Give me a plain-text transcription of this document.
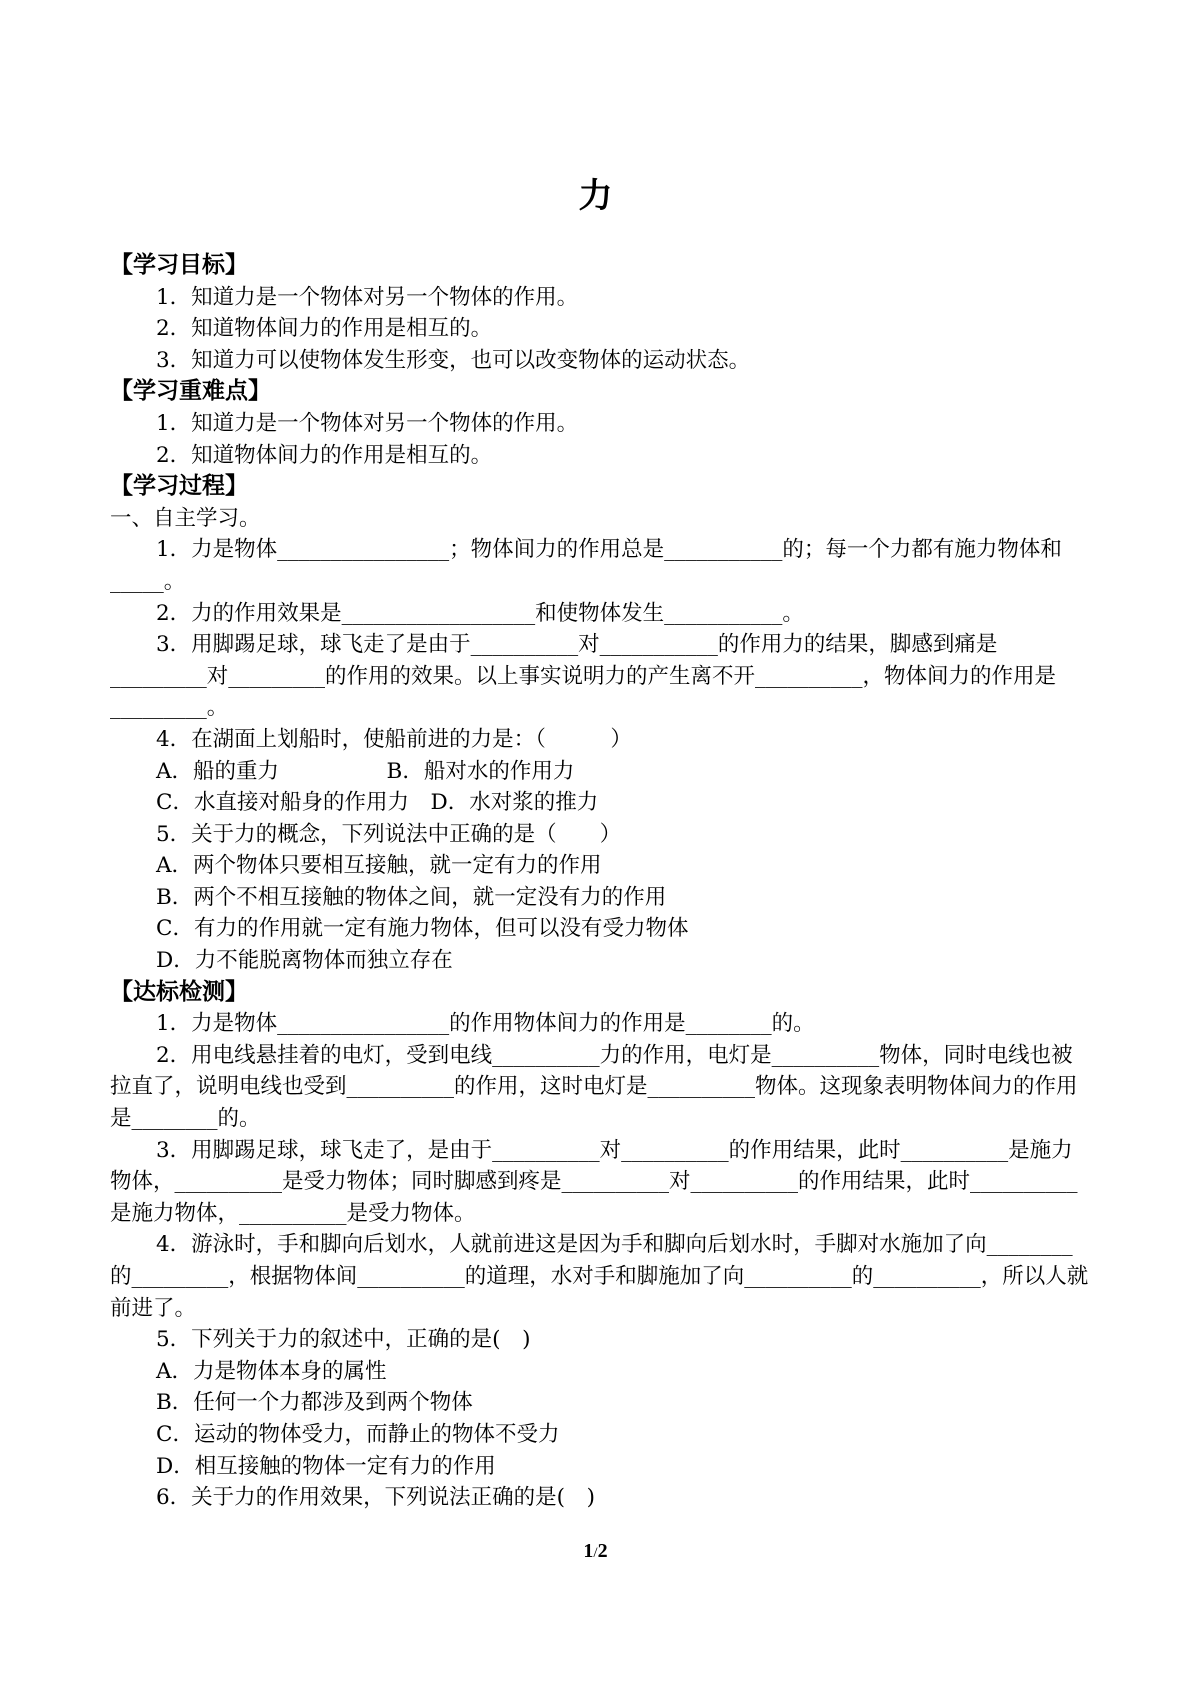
力

【学习目标】

1．知道力是一个物体对另一个物体的作用。

2．知道物体间力的作用是相互的。

3．知道力可以使物体发生形变，也可以改变物体的运动状态。

【学习重难点】

1．知道力是一个物体对另一个物体的作用。

2．知道物体间力的作用是相互的。

【学习过程】

一、自主学习。

1．力是物体________________；物体间力的作用总是___________的；每一个力都有施力物体和_____。

2．力的作用效果是__________________和使物体发生___________。

3．用脚踢足球，球飞走了是由于__________对___________的作用力的结果，脚感到痛是_________对_________的作用的效果。以上事实说明力的产生离不开__________，物体间力的作用是_________。

4．在湖面上划船时，使船前进的力是：（　　　）

A．船的重力　　　　　B．船对水的作用力

C．水直接对船身的作用力　D．水对浆的推力

5．关于力的概念，下列说法中正确的是（　　）

A．两个物体只要相互接触，就一定有力的作用

B．两个不相互接触的物体之间，就一定没有力的作用

C．有力的作用就一定有施力物体，但可以没有受力物体

D．力不能脱离物体而独立存在

【达标检测】

1．力是物体________________的作用物体间力的作用是________的。

2．用电线悬挂着的电灯，受到电线__________力的作用，电灯是__________物体，同时电线也被拉直了，说明电线也受到__________的作用，这时电灯是__________物体。这现象表明物体间力的作用是________的。

3．用脚踢足球，球飞走了，是由于__________对__________的作用结果，此时__________是施力物体，__________是受力物体；同时脚感到疼是__________对__________的作用结果，此时__________是施力物体，__________是受力物体。

4．游泳时，手和脚向后划水，人就前进这是因为手和脚向后划水时，手脚对水施加了向________的_________，根据物体间__________的道理，水对手和脚施加了向__________的__________，所以人就前进了。

5．下列关于力的叙述中，正确的是(　)

A．力是物体本身的属性

B．任何一个力都涉及到两个物体

C．运动的物体受力，而静止的物体不受力

D．相互接触的物体一定有力的作用

6．关于力的作用效果，下列说法正确的是(　)

1/2
